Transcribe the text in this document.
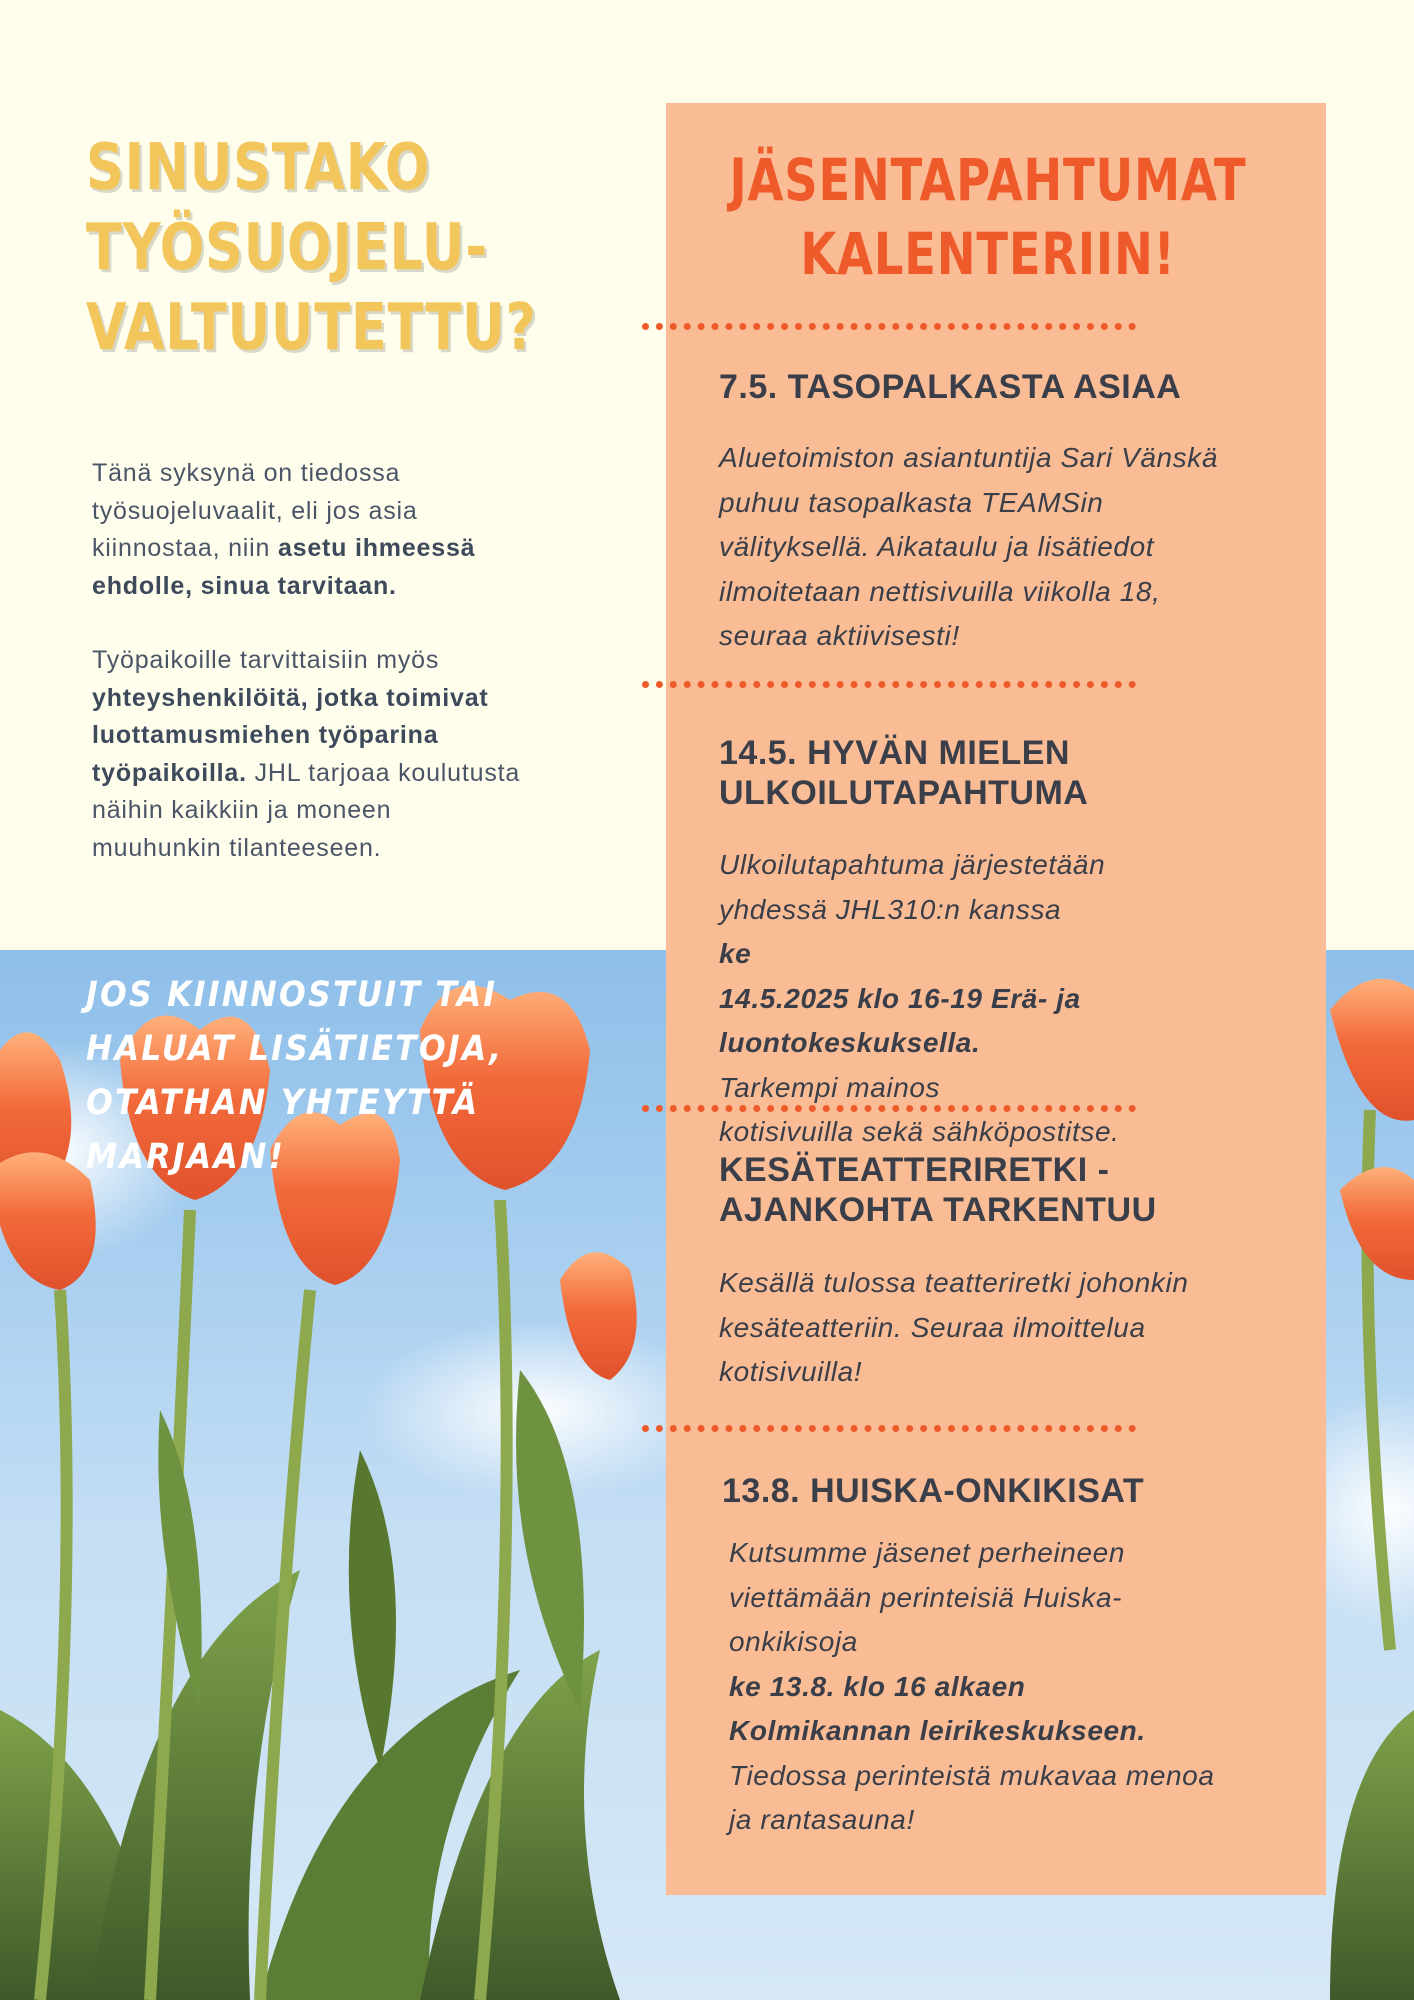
SINUSTAKO
TYÖSUOJELU-
VALTUUTETTU?

Tänä syksynä on tiedossa
työsuojeluvaalit, eli jos asia
kiinnostaa, niin asetu ihmeessä
ehdolle, sinua tarvitaan.

Työpaikoille tarvittaisiin myös
yhteyshenkilöitä, jotka toimivat
luottamusmiehen työparina
työpaikoilla. JHL tarjoaa koulutusta
näihin kaikkiin ja moneen
muuhunkin tilanteeseen.

JOS KIINNOSTUIT TAI
HALUAT LISÄTIETOJA,
OTATHAN YHTEYTTÄ
MARJAAN!
JÄSENTAPAHTUMAT
KALENTERIIN!
7.5. TASOPALKASTA ASIAA
Aluetoimiston asiantuntija Sari Vänskä
puhuu tasopalkasta TEAMSin
välityksellä. Aikataulu ja lisätiedot
ilmoitetaan nettisivuilla viikolla 18,
seuraa aktiivisesti!
14.5. HYVÄN MIELEN
ULKOILUTAPAHTUMA
Ulkoilutapahtuma järjestetään
yhdessä JHL310:n kanssa
ke
14.5.2025 klo 16-19 Erä- ja
luontokeskuksella.
Tarkempi mainos
kotisivuilla sekä sähköpostitse.
KESÄTEATTERIRETKI -
AJANKOHTA TARKENTUU
Kesällä tulossa teatteriretki johonkin
kesäteatteriin. Seuraa ilmoittelua
kotisivuilla!
13.8. HUISKA-ONKIKISAT
Kutsumme jäsenet perheineen
viettämään perinteisiä Huiska-
onkikisoja
ke 13.8. klo 16 alkaen
Kolmikannan leirikeskukseen.
Tiedossa perinteistä mukavaa menoa
ja rantasauna!
